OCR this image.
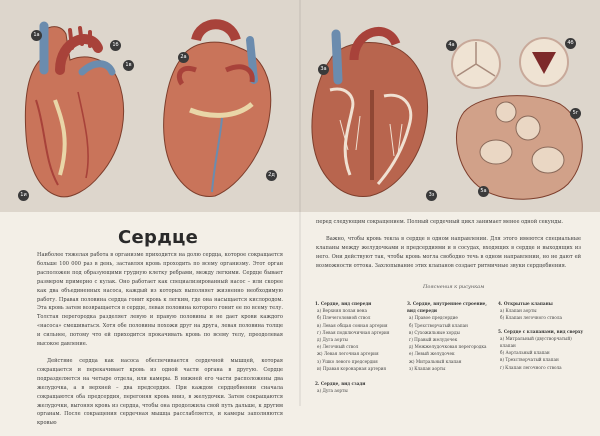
1а
1б
1в
1и
2а
2д
3а
3з
4а	4б
5а
5г
Сердце

Наиболее тяжелая работа в организме приходится на долю сердца, которое сокращается больше 100 000 раз в день, заставляя кровь проходить по всему организму. Этот орган расположен под образующими грудную клетку ребрами, между легкими. Сердце бывает размером примерно с кулак. Оно работает как специализированный насос – или скорее как два объединенных насоса, каждый из которых выполняет жизненно необходимую работу. Правая половина сердца гонит кровь к легким, где она насыщается кислородом. Эта кровь затем возвращается в сердце, левая половина которого гонит ее по всему телу. Толстая перегородка разделяет левую и правую половины и не дает крови каждого «насоса» смешиваться. Хотя обе половины похожи друг на друга, левая половина толще и сильнее, потому что ей приходится прокачивать кровь по всему телу, преодолевая высокое давление.

Действие сердца как насоса обеспечивается сердечной мышцей, которая сокращается и перекачивает кровь из одной части органа в другую. Сердце подразделяется на четыре отдела, или камеры. В нижней его части расположены два желудочка, а в верхней – два предсердия. При каждом сердцебиении сначала сокращаются оба предсердия, перегоняя кровь вниз, в желудочки. Затем сокращаются желудочки, выгоняя кровь из сердца, чтобы она продолжила свой путь дальше, к другим органам. После сокращения сердечная мышца расслабляется, и камеры заполняются кровью

перед следующим сокращением. Полный сердечный цикл занимает менее одной секунды.

Важно, чтобы кровь текла в сердце в одном направлении. Для этого имеются специальные клапаны между желудочками и предсердиями и в сосудах, входящих в сердце и выходящих из него. Они действуют так, чтобы кровь могла свободно течь в одном направлении, но не дают ей возможности оттока. Захлопывание этих клапанов создает ритмичные звуки сердцебиения.

Пояснения к рисункам
1. Сердце, вид спереди
а) Верхняя полая вена
б) Плечеголовной ствол
в) Левая общая сонная артерия
г) Левая подключичная артерия
д) Дуга аорты
е) Легочный ствол
ж) Левая легочная артерия
з) Ушко левого предсердия
и) Правая коронарная артерия
3. Сердце, внутреннее строение, вид спереди
а) Правое предсердие
б) Трехстворчатый клапан
в) Сухожильные хорды
г) Правый желудочек
д) Межжелудочковая перегородка
е) Левый желудочек
ж) Митральный клапан
з) Клапан аорты
4. Открытые клапаны
а) Клапан аорты
б) Клапан легочного ствола
5. Сердце с клапанами, вид сверху
а) Митральный (двустворчатый) клапан
б) Аортальный клапан
в) Трехстворчатый клапан
г) Клапан легочного ствола
2. Сердце, вид сзади
а) Дуга аорты
